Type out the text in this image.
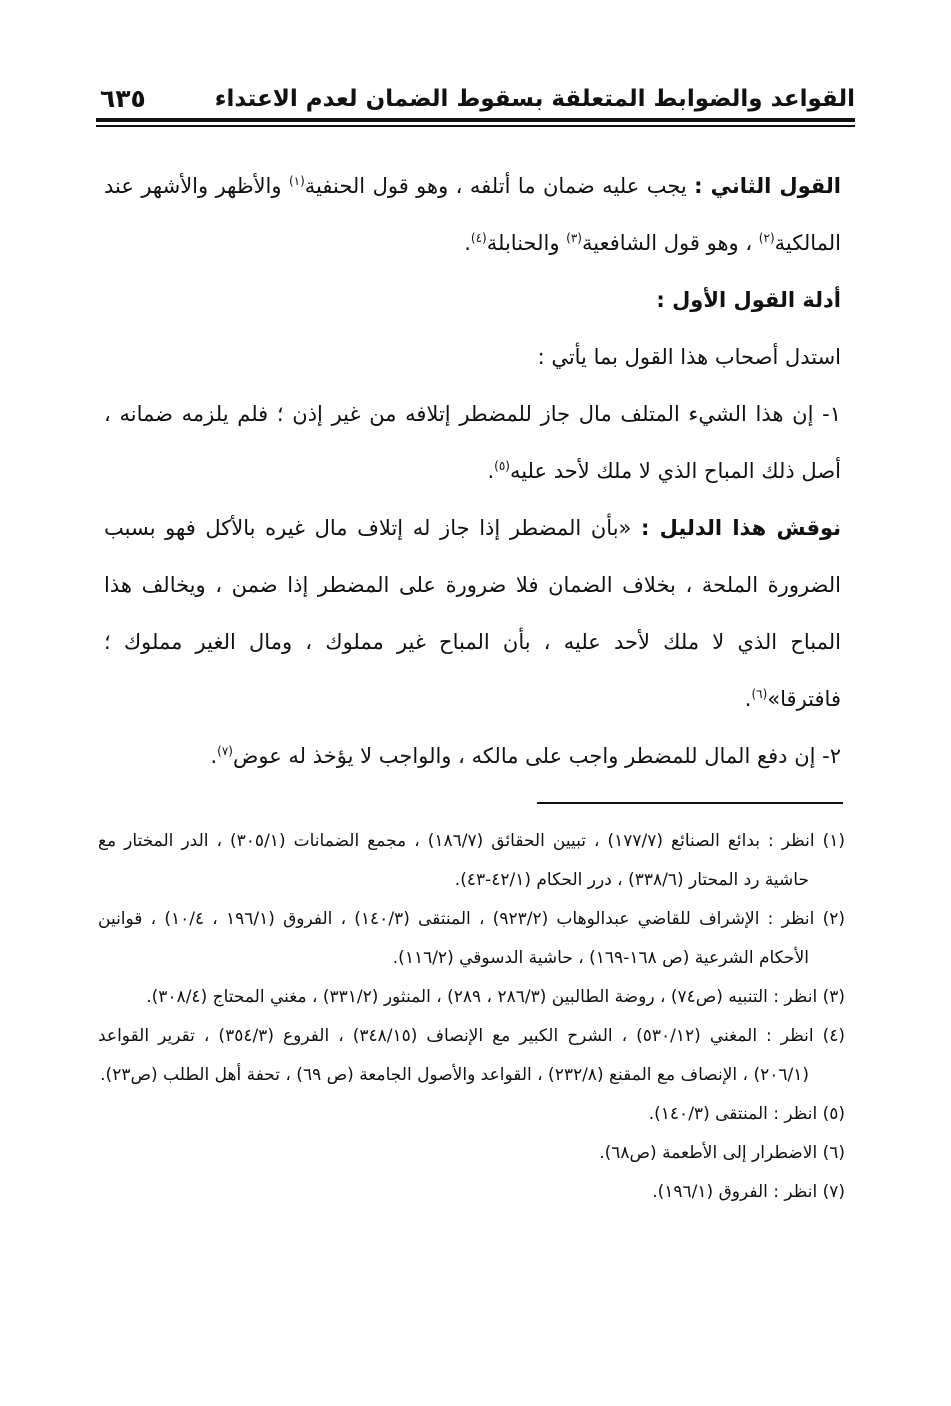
القواعد والضوابط المتعلقة بسقوط الضمان لعدم الاعتداء
٦٣٥

القول الثاني : يجب عليه ضمان ما أتلفه ، وهو قول الحنفية$^{(١)}$ والأظهر والأشهر عند المالكية$^{(٢)}$ ، وهو قول الشافعية$^{(٣)}$ والحنابلة$^{(٤)}$.

أدلة القول الأول :

استدل أصحاب هذا القول بما يأتي :

١- إن هذا الشيء المتلف مال جاز للمضطر إتلافه من غير إذن ؛ فلم يلزمه ضمانه ، أصل ذلك المباح الذي لا ملك لأحد عليه$^{(٥)}$.

نوقش هذا الدليل : «بأن المضطر إذا جاز له إتلاف مال غيره بالأكل فهو بسبب الضرورة الملحة ، بخلاف الضمان فلا ضرورة على المضطر إذا ضمن ، ويخالف هذا المباح الذي لا ملك لأحد عليه ، بأن المباح غير مملوك ، ومال الغير مملوك ؛ فافترقا»$^{(٦)}$.

٢- إن دفع المال للمضطر واجب على مالكه ، والواجب لا يؤخذ له عوض$^{(٧)}$.

(١) انظر : بدائع الصنائع (١٧٧/٧) ، تبيين الحقائق (١٨٦/٧) ، مجمع الضمانات (٣٠٥/١) ، الدر المختار مع حاشية رد المحتار (٣٣٨/٦) ، درر الحكام (٤٢/١-٤٣).

(٢) انظر : الإشراف للقاضي عبدالوهاب (٩٢٣/٢) ، المنتقى (١٤٠/٣) ، الفروق (١٩٦/١ ، ١٠/٤) ، قوانين الأحكام الشرعية (ص ١٦٨-١٦٩) ، حاشية الدسوقي (١١٦/٢).

(٣) انظر : التنبيه (ص٧٤) ، روضة الطالبين (٢٨٦/٣ ، ٢٨٩) ، المنثور (٣٣١/٢) ، مغني المحتاج (٣٠٨/٤).

(٤) انظر : المغني (٥٣٠/١٢) ، الشرح الكبير مع الإنصاف (٣٤٨/١٥) ، الفروع (٣٥٤/٣) ، تقرير القواعد (٢٠٦/١) ، الإنصاف مع المقنع (٢٣٢/٨) ، القواعد والأصول الجامعة (ص ٦٩) ، تحفة أهل الطلب (ص٢٣).

(٥) انظر : المنتقى (١٤٠/٣).

(٦) الاضطرار إلى الأطعمة (ص٦٨).

(٧) انظر : الفروق (١٩٦/١).
